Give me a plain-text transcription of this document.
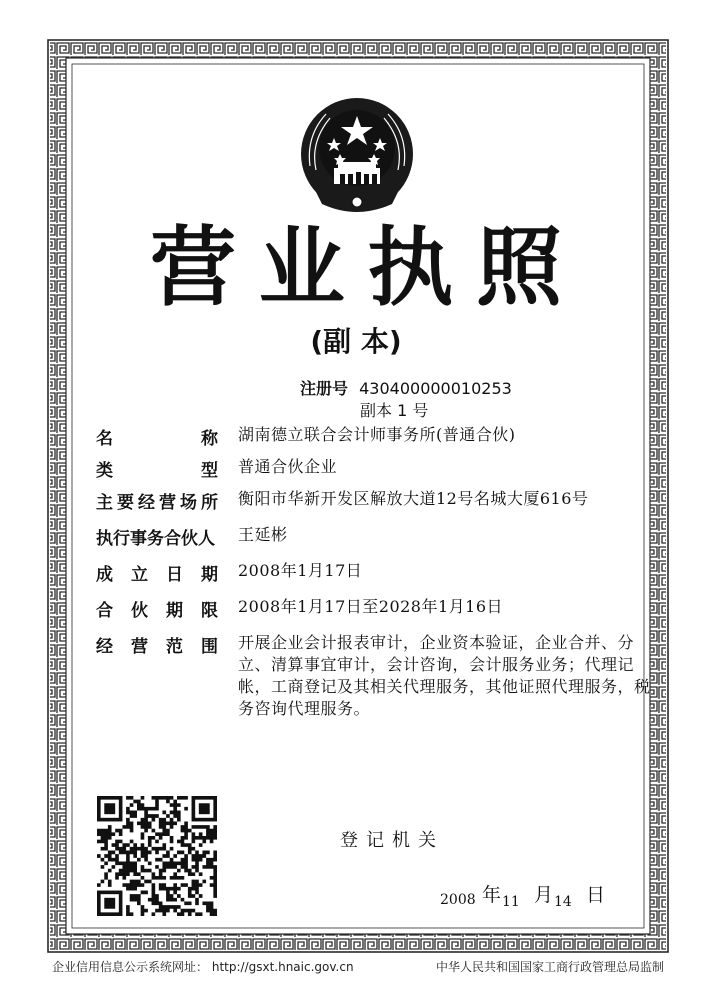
营 业 执 照
(副 本)
注册号 430400000010253
副本 1 号
名	称 湖南德立联合会计师事务所(普通合伙)
类	型 普通合伙企业
主 要 经 营 场 所 衡阳市华新开发区解放大道12号名城大厦616号
执行事务合伙人 王延彬
成 立 日 期 2008年1月17日
合 伙 期 限 2008年1月17日至2028年1月16日
经 营 范 围 开展企业会计报表审计，企业资本验证，企业合并、分
立、清算事宜审计，会计咨询，会计服务业务；代理记
帐，工商登记及其相关代理服务，其他证照代理服务，税
务咨询代理服务。
登记机关
2008 年 11 月 14 日
企业信用信息公示系统网址： http://gsxt.hnaic.gov.cn	中华人民共和国国家工商行政管理总局监制
